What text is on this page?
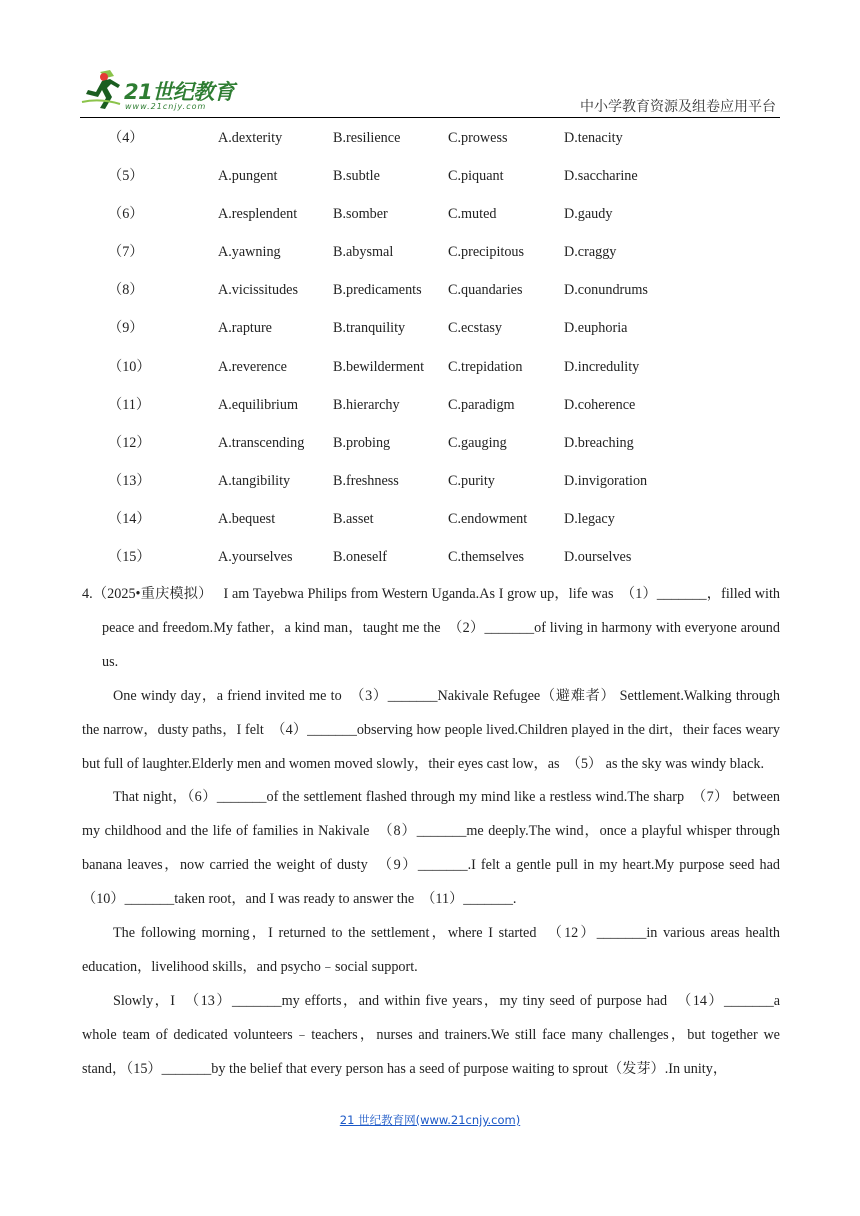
21世纪教育
www.21cnjy.com	中小学教育资源及组卷应用平台
（4）	A.dexterity	B.resilience	C.prowess	D.tenacity
（5）	A.pungent	B.subtle	C.piquant	D.saccharine
（6）	A.resplendent	B.somber	C.muted	D.gaudy
（7）	A.yawning	B.abysmal	C.precipitous	D.craggy
（8）	A.vicissitudes B.predicaments C.quandaries	D.conundrums
（9）	A.rapture	B.tranquility	C.ecstasy	D.euphoria
（10）	A.reverence	B.bewilderment C.trepidation	D.incredulity
（11）	A.equilibrium B.hierarchy	C.paradigm	D.coherence
（12）	A.transcending B.probing	C.gauging	D.breaching
（13）	A.tangibility	B.freshness	C.purity	D.invigoration
（14）	A.bequest	B.asset	C.endowment	D.legacy
（15）	A.yourselves	B.oneself	C.themselves	D.ourselves

4.（2025•重庆模拟）　 I am Tayebwa Philips from Western Uganda.As I grow up，life was　（1）_______，filled with peace and freedom.My father，a kind man，taught me the　（2）_______of living in harmony with everyone around us.

One windy day，a friend invited me to　（3）_______Nakivale Refugee（避难者） Settlement.Walking through the narrow，dusty paths，I felt　（4）_______observing how people lived.Children played in the dirt，their faces weary but full of laughter.Elderly men and women moved slowly，their eyes cast low，as　（5） as the sky was windy black.

That night，（6）_______of the settlement flashed through my mind like a restless wind.The sharp　（7） between my childhood and the life of families in Nakivale　（8）_______me deeply.The wind，once a playful whisper through banana leaves，now carried the weight of dusty　（9）_______.I felt a gentle pull in my heart.My purpose seed had　（10）_______taken root，and I was ready to answer the　（11）_______.

The following morning，I returned to the settlement，where I started　（12）_______in various areas health education，livelihood skills，and psycho﹣social support.

Slowly，I　（13）_______my efforts，and within five years，my tiny seed of purpose had　（14）_______a whole team of dedicated volunteers﹣teachers，nurses and trainers.We still face many challenges，but together we stand，（15）_______by the belief that every person has a seed of purpose waiting to sprout（发芽）.In unity，

21 世纪教育网(www.21cnjy.com)
